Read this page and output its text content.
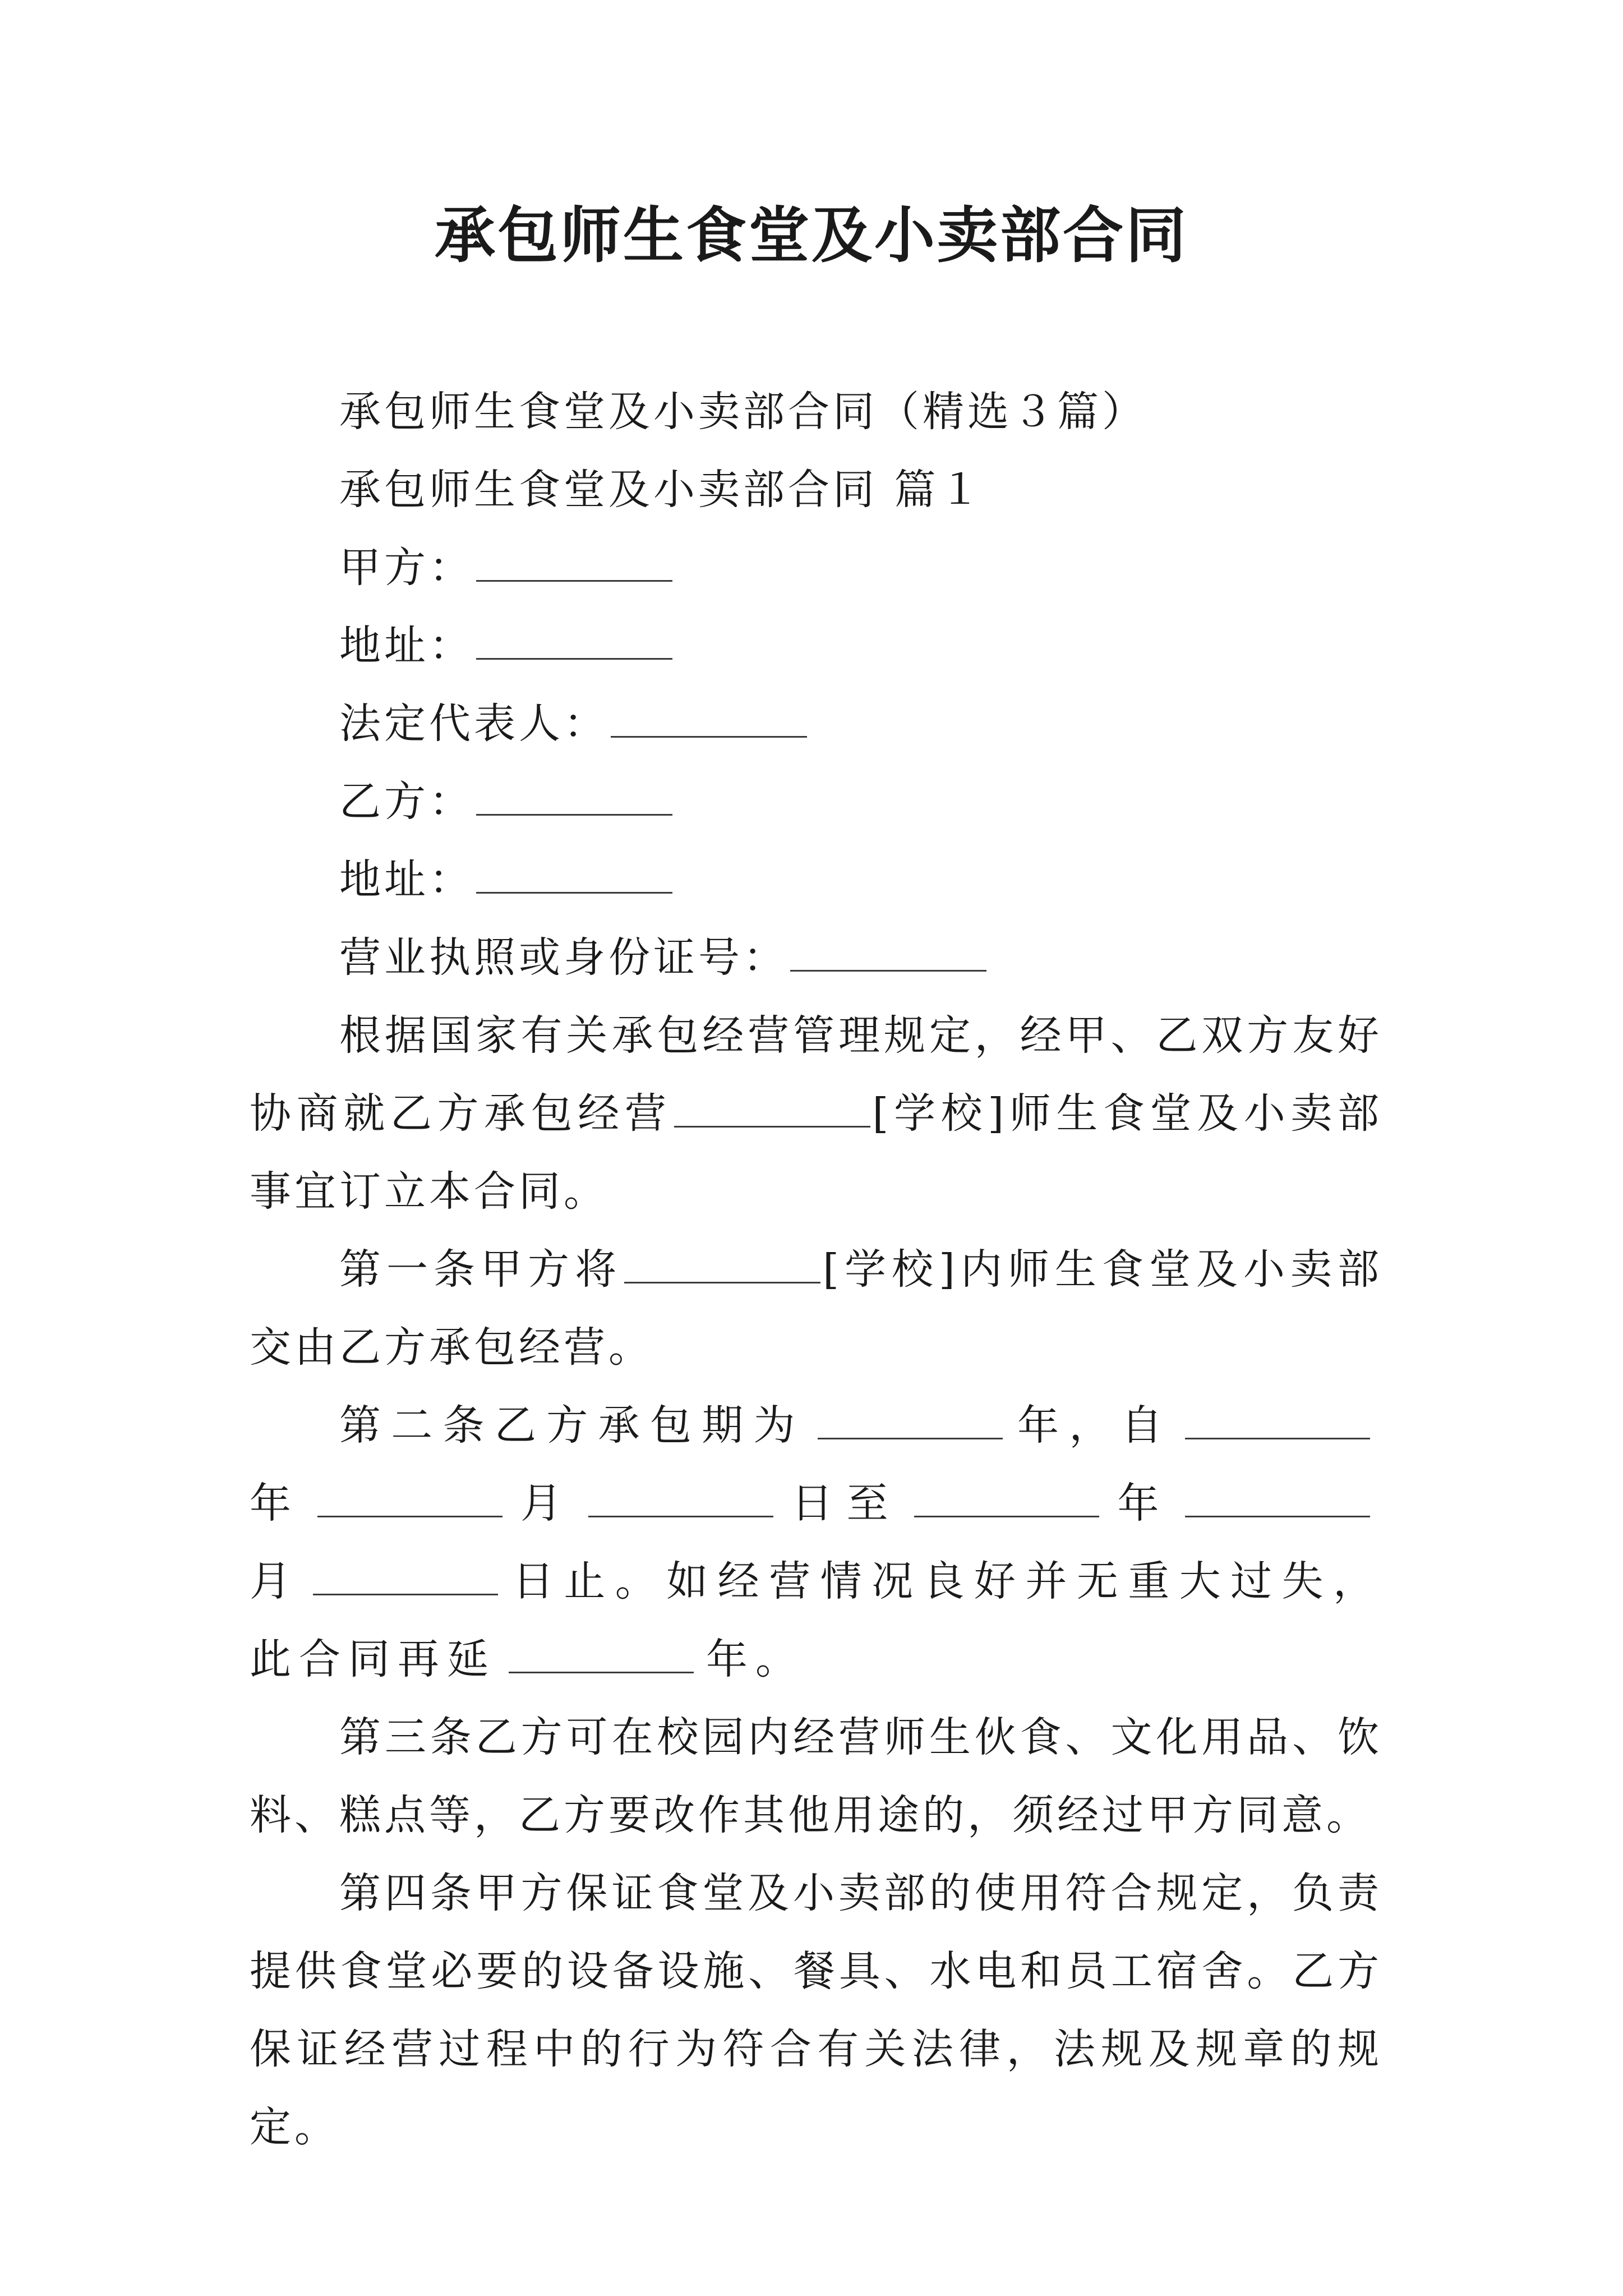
承包师生食堂及小卖部合同

承包师生食堂及小卖部合同（精选３篇）

承包师生食堂及小卖部合同 篇１

甲方：

地址：

法定代表人：

乙方：

地址：

营业执照或身份证号：

根据国家有关承包经营管理规定，经甲、乙双方友好协商就乙方承包经营	[学校]师生食堂及小卖部事宜订立本合同。

第一条甲方将	[学校]内师生食堂及小卖部交由乙方承包经营。

第二条乙方承包期为	年，自年	月	日至	年月	日止。如经营情况良好并无重大过失，此合同再延	年。

第三条乙方可在校园内经营师生伙食、文化用品、饮料、糕点等，乙方要改作其他用途的，须经过甲方同意。

第四条甲方保证食堂及小卖部的使用符合规定，负责提供食堂必要的设备设施、餐具、水电和员工宿舍。乙方保证经营过程中的行为符合有关法律，法规及规章的规定。
